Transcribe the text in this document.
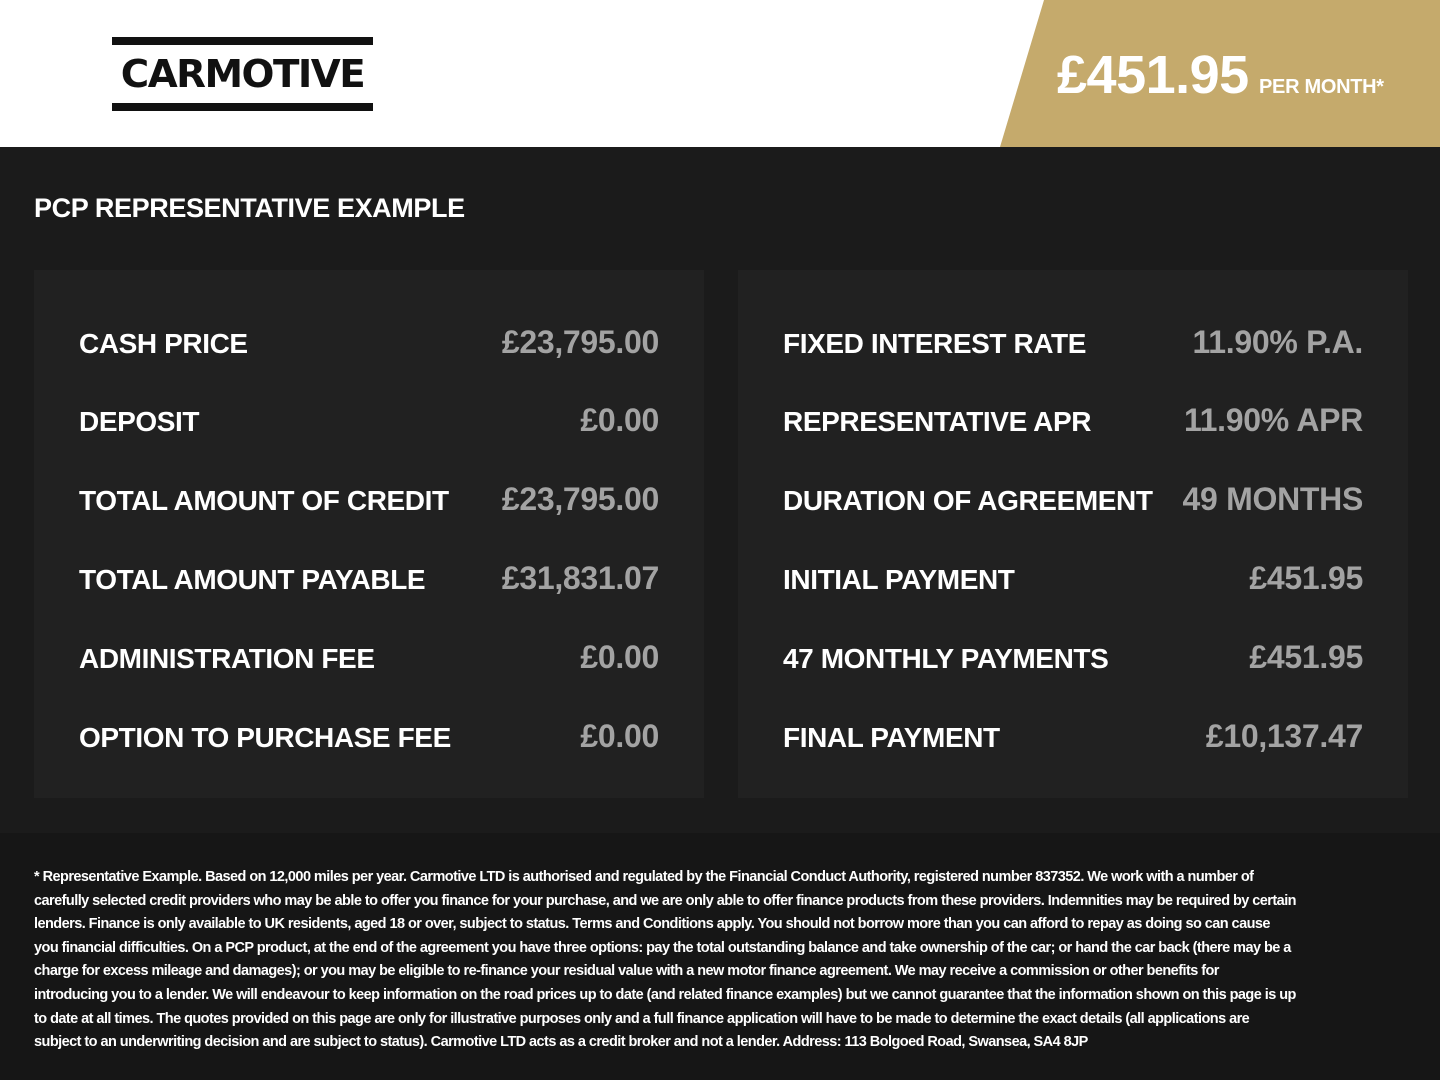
CARMOTIVE	£451.95 PER MONTH*
PCP REPRESENTATIVE EXAMPLE
CASH PRICE	£23,795.00
DEPOSIT	£0.00
TOTAL AMOUNT OF CREDIT £23,795.00
TOTAL AMOUNT PAYABLE £31,831.07
ADMINISTRATION FEE	£0.00
OPTION TO PURCHASE FEE	£0.00
FIXED INTEREST RATE	11.90% P.A.
REPRESENTATIVE APR	11.90% APR
DURATION OF AGREEMENT 49 MONTHS
INITIAL PAYMENT	£451.95
47 MONTHLY PAYMENTS	£451.95
FINAL PAYMENT	£10,137.47

* Representative Example. Based on 12,000 miles per year. Carmotive LTD is authorised and regulated by the Financial Conduct Authority, registered number 837352. We work with a number of carefully selected credit providers who may be able to offer you finance for your purchase, and we are only able to offer finance products from these providers. Indemnities may be required by certain lenders. Finance is only available to UK residents, aged 18 or over, subject to status. Terms and Conditions apply. You should not borrow more than you can afford to repay as doing so can cause you financial difficulties. On a PCP product, at the end of the agreement you have three options: pay the total outstanding balance and take ownership of the car; or hand the car back (there may be a charge for excess mileage and damages); or you may be eligible to re-finance your residual value with a new motor finance agreement. We may receive a commission or other benefits for introducing you to a lender. We will endeavour to keep information on the road prices up to date (and related finance examples) but we cannot guarantee that the information shown on this page is up to date at all times. The quotes provided on this page are only for illustrative purposes only and a full finance application will have to be made to determine the exact details (all applications are subject to an underwriting decision and are subject to status). Carmotive LTD acts as a credit broker and not a lender. Address: 113 Bolgoed Road, Swansea, SA4 8JP
